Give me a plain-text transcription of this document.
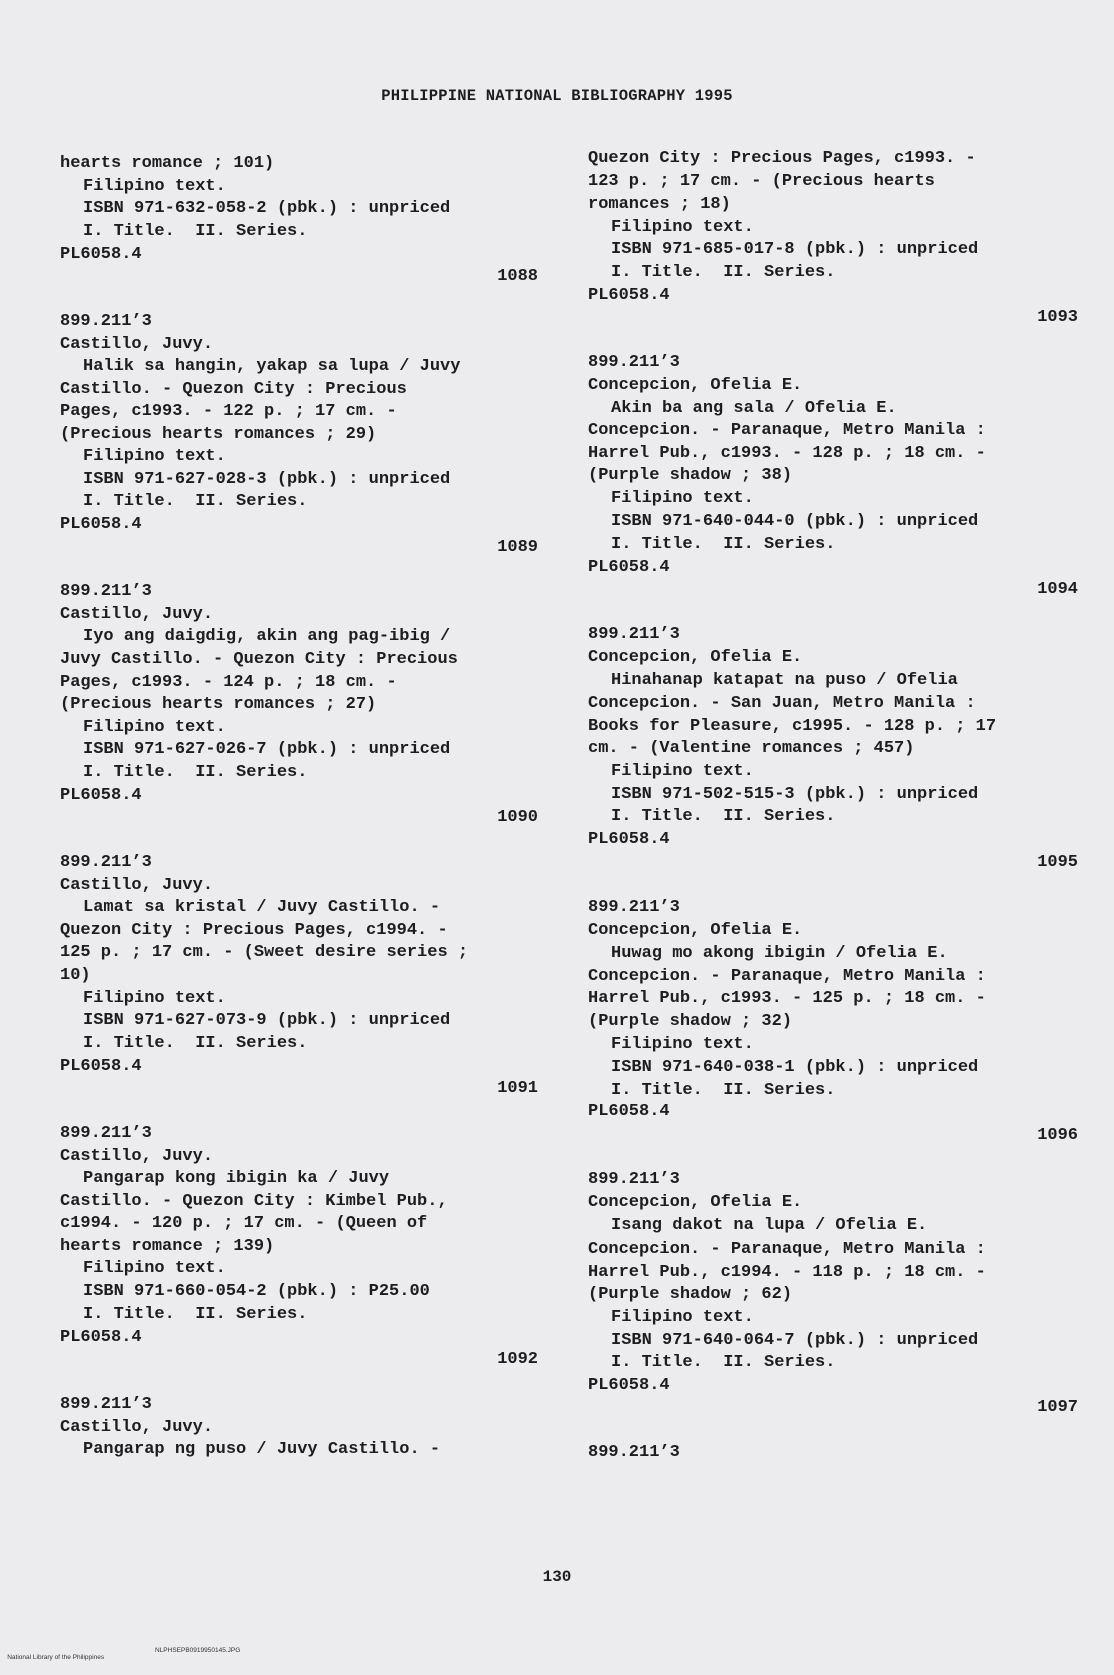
PHILIPPINE NATIONAL BIBLIOGRAPHY 1995
hearts romance ; 101)
Filipino text.
ISBN 971-632-058-2 (pbk.) : unpriced
I. Title.  II. Series.
PL6058.4
1088
899.211’3
Castillo, Juvy.
Halik sa hangin, yakap sa lupa / Juvy
Castillo. - Quezon City : Precious
Pages, c1993. - 122 p. ; 17 cm. -
(Precious hearts romances ; 29)
Filipino text.
ISBN 971-627-028-3 (pbk.) : unpriced
I. Title.  II. Series.
PL6058.4
1089
899.211’3
Castillo, Juvy.
Iyo ang daigdig, akin ang pag-ibig /
Juvy Castillo. - Quezon City : Precious
Pages, c1993. - 124 p. ; 18 cm. -
(Precious hearts romances ; 27)
Filipino text.
ISBN 971-627-026-7 (pbk.) : unpriced
I. Title.  II. Series.
PL6058.4
1090
899.211’3
Castillo, Juvy.
Lamat sa kristal / Juvy Castillo. -
Quezon City : Precious Pages, c1994. -
125 p. ; 17 cm. - (Sweet desire series ;
10)
Filipino text.
ISBN 971-627-073-9 (pbk.) : unpriced
I. Title.  II. Series.
PL6058.4
1091
899.211’3
Castillo, Juvy.
Pangarap kong ibigin ka / Juvy
Castillo. - Quezon City : Kimbel Pub.,
c1994. - 120 p. ; 17 cm. - (Queen of
hearts romance ; 139)
Filipino text.
ISBN 971-660-054-2 (pbk.) : P25.00
I. Title.  II. Series.
PL6058.4
1092
899.211’3
Castillo, Juvy.
Pangarap ng puso / Juvy Castillo. -
Quezon City : Precious Pages, c1993. -
123 p. ; 17 cm. - (Precious hearts
romances ; 18)
Filipino text.
ISBN 971-685-017-8 (pbk.) : unpriced
I. Title.  II. Series.
PL6058.4
1093
899.211’3
Concepcion, Ofelia E.
Akin ba ang sala / Ofelia E.
Concepcion. - Paranaque, Metro Manila :
Harrel Pub., c1993. - 128 p. ; 18 cm. -
(Purple shadow ; 38)
Filipino text.
ISBN 971-640-044-0 (pbk.) : unpriced
I. Title.  II. Series.
PL6058.4
1094
899.211’3
Concepcion, Ofelia E.
Hinahanap katapat na puso / Ofelia
Concepcion. - San Juan, Metro Manila :
Books for Pleasure, c1995. - 128 p. ; 17
cm. - (Valentine romances ; 457)
Filipino text.
ISBN 971-502-515-3 (pbk.) : unpriced
I. Title.  II. Series.
PL6058.4
1095
899.211’3
Concepcion, Ofelia E.
Huwag mo akong ibigin / Ofelia E.
Concepcion. - Paranaque, Metro Manila :
Harrel Pub., c1993. - 125 p. ; 18 cm. -
(Purple shadow ; 32)
Filipino text.
ISBN 971-640-038-1 (pbk.) : unpriced
I. Title.  II. Series.
PL6058.4
1096
899.211’3
Concepcion, Ofelia E.
Isang dakot na lupa / Ofelia E.
Concepcion. - Paranaque, Metro Manila :
Harrel Pub., c1994. - 118 p. ; 18 cm. -
(Purple shadow ; 62)
Filipino text.
ISBN 971-640-064-7 (pbk.) : unpriced
I. Title.  II. Series.
PL6058.4
1097
899.211’3
130

National Library of the Philippines

NLPHSEPB0919950145.JPG
